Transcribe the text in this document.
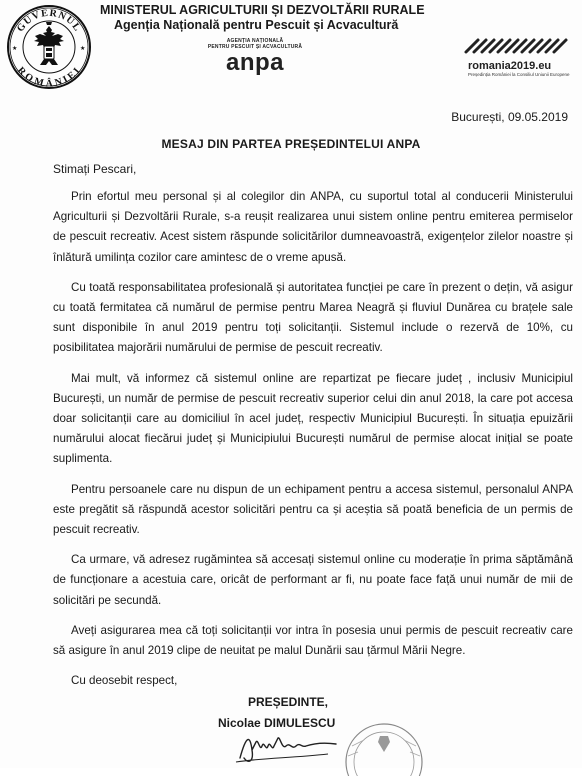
GUVERNUL
ROMÂNIEI
★	★
MINISTERUL AGRICULTURII ȘI DEZVOLTĂRII RURALE
Agenția Națională pentru Pescuit și Acvacultură
AGENȚIA NAȚIONALĂ
PENTRU PESCUIT ȘI ACVACULTURĂ
anpa	romania2019.eu
Președinția României la Consiliul Uniunii Europene
București, 09.05.2019
MESAJ DIN PARTEA PREȘEDINTELUI ANPA
Stimați Pescari,

Prin efortul meu personal și al colegilor din ANPA, cu suportul total al conducerii Ministerului Agriculturii și Dezvoltării Rurale, s-a reușit realizarea unui sistem online pentru emiterea permiselor de pescuit recreativ. Acest sistem răspunde solicitărilor dumneavoastră, exigențelor zilelor noastre și înlătură umilința cozilor care amintesc de o vreme apusă.

Cu toată responsabilitatea profesională și autoritatea funcției pe care în prezent o dețin, vă asigur cu toată fermitatea că numărul de permise pentru Marea Neagră și fluviul Dunărea cu brațele sale sunt disponibile în anul 2019 pentru toți solicitanții. Sistemul include o rezervă de 10%, cu posibilitatea majorării numărului de permise de pescuit recreativ.

Mai mult, vă informez că sistemul online are repartizat pe fiecare județ , inclusiv Municipiul București, un număr de permise de pescuit recreativ superior celui din anul 2018, la care pot accesa doar solicitanții care au domiciliul în acel județ, respectiv Municipiul București. În situația epuizării numărului alocat fiecărui județ și Municipiului București numărul de permise alocat inițial se poate suplimenta.

Pentru persoanele care nu dispun de un echipament pentru a accesa sistemul, personalul ANPA este pregătit să răspundă acestor solicitări pentru ca și aceștia să poată beneficia de un permis de pescuit recreativ.

Ca urmare, vă adresez rugămintea să accesați sistemul online cu moderație în prima săptămână de funcționare a acestuia care, oricât de performant ar fi, nu poate face față unui număr de mii de solicitări pe secundă.

Aveți asigurarea mea că toți solicitanții vor intra în posesia unui permis de pescuit recreativ care să asigure în anul 2019 clipe de neuitat pe malul Dunării sau țărmul Mării Negre.

Cu deosebit respect,

PREȘEDINTE,
Nicolae DIMULESCU
